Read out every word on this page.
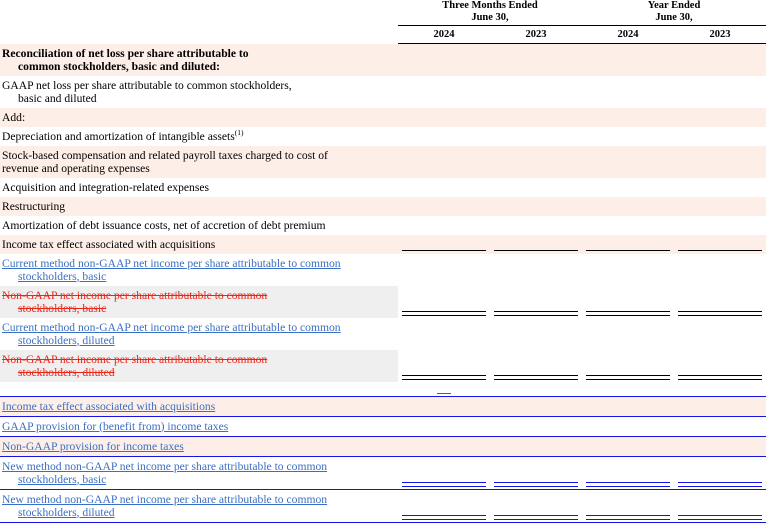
	Three Months Ended
June 30,		Year Ended
June 30,	

	2024	2023	2024	2023
Reconciliation of net loss per share attributable to
common stockholders, basic and diluted:				

GAAP net loss per share attributable to common stockholders,
basic and diluted				

Add:	

Depreciation and amortization of intangible assets$^{(1)}$	

Stock-based compensation and related payroll taxes charged to cost of
revenue and operating expenses				

Acquisition and integration-related expenses	

Restructuring	

Amortization of debt issuance costs, net of accretion of debt premium	

Income tax effect associated with acquisitions	

Current method non-GAAP net income per share attributable to common
stockholders, basic				

Non-GAAP net income per share attributable to common
stockholders, basic				

Current method non-GAAP net income per share attributable to common
stockholders, diluted				

Non-GAAP net income per share attributable to common
stockholders, diluted				

Income tax effect associated with acquisitions	

GAAP provision for (benefit from) income taxes	

Non-GAAP provision for income taxes	

New method non-GAAP net income per share attributable to common
stockholders, basic				

New method non-GAAP net income per share attributable to common
stockholders, diluted				
